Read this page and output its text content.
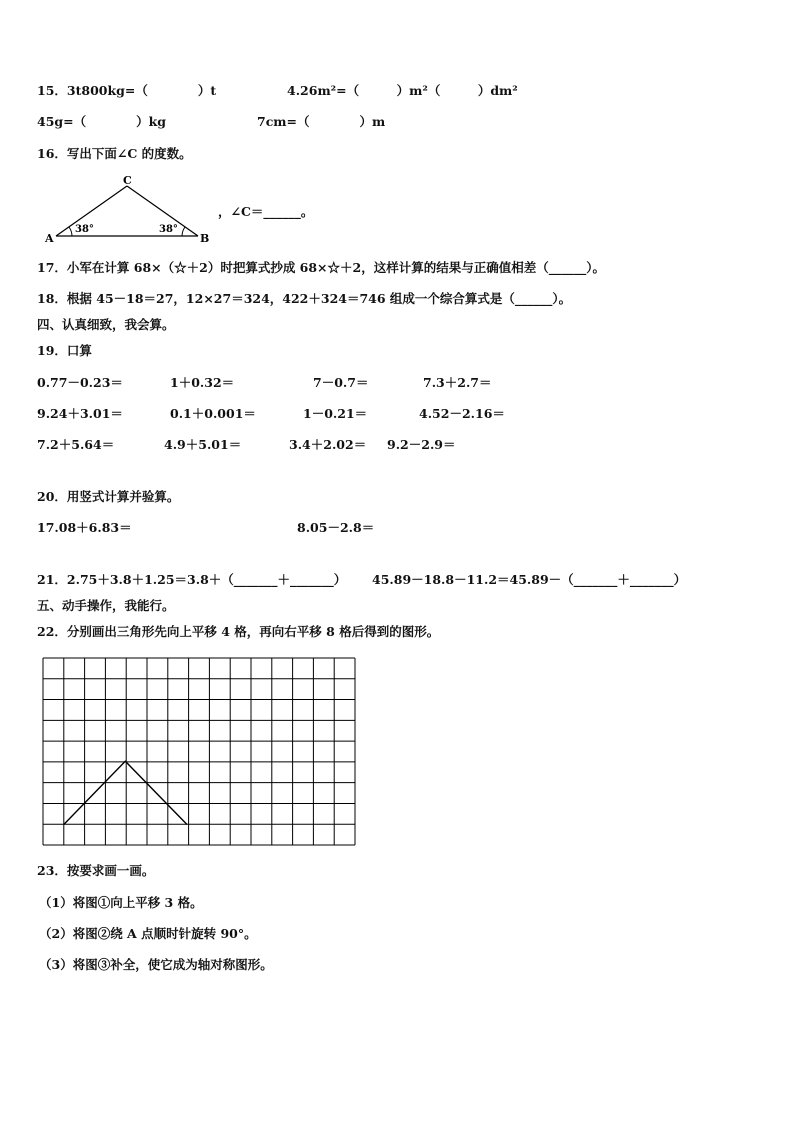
15．3t800kg=（　　　　）t	4.26m²=（　　　）m²（　　　）dm²
45g=（　　　　）kg	7cm=（　　　　）m
16．写出下面∠C 的度数。
C
A	B
38°	38°
，∠C＝______。
17．小军在计算 68×（☆＋2）时把算式抄成 68×☆＋2，这样计算的结果与正确值相差（______）。
18．根据 45－18＝27，12×27＝324，422＋324＝746 组成一个综合算式是（______）。
四、认真细致，我会算。
19．口算
0.77－0.23＝	1＋0.32＝	7－0.7＝	7.3＋2.7＝
9.24＋3.01＝	0.1＋0.001＝	1－0.21＝	4.52－2.16＝
7.2＋5.64＝	4.9＋5.01＝	3.4＋2.02＝ 9.2－2.9＝
20．用竖式计算并验算。
17.08＋6.83＝	8.05－2.8＝
21．2.75＋3.8＋1.25＝3.8＋（_______＋_______） 45.89－18.8－11.2＝45.89－（_______＋_______）
五、动手操作，我能行。
22．分别画出三角形先向上平移 4 格，再向右平移 8 格后得到的图形。
23．按要求画一画。
（1）将图①向上平移 3 格。
（2）将图②绕 A 点顺时针旋转 90°。
（3）将图③补全，使它成为轴对称图形。
